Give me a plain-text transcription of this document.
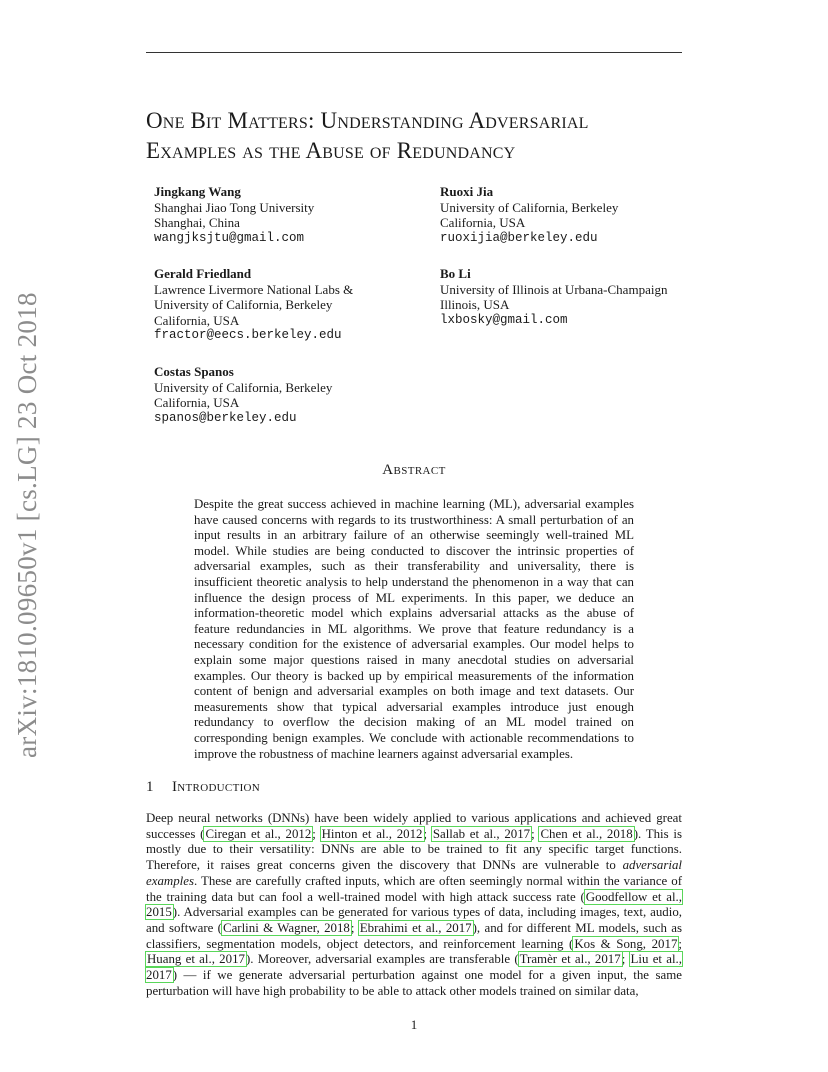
One Bit Matters: Understanding Adversarial
Examples as the Abuse of Redundancy
Jingkang Wang
Shanghai Jiao Tong University
Shanghai, China
wangjksjtu@gmail.com
Ruoxi Jia
University of California, Berkeley
California, USA
ruoxijia@berkeley.edu
Gerald Friedland
Lawrence Livermore National Labs &
University of California, Berkeley
California, USA
fractor@eecs.berkeley.edu
Bo Li
University of Illinois at Urbana-Champaign
Illinois, USA
lxbosky@gmail.com
Costas Spanos
University of California, Berkeley
California, USA
spanos@berkeley.edu
arXiv:1810.09650v1 [cs.LG] 23 Oct 2018	Abstract
Despite the great success achieved in machine learning (ML), adversarial examples have caused concerns with regards to its trustworthiness: A small perturbation of an input results in an arbitrary failure of an otherwise seemingly well-trained ML model. While studies are being conducted to discover the intrinsic properties of adversarial examples, such as their transferability and universality, there is insufficient theoretic analysis to help understand the phenomenon in a way that can influence the design process of ML experiments. In this paper, we deduce an information-theoretic model which explains adversarial attacks as the abuse of feature redundancies in ML algorithms. We prove that feature redundancy is a necessary condition for the existence of adversarial examples. Our model helps to explain some major questions raised in many anecdotal studies on adversarial examples. Our theory is backed up by empirical measurements of the information content of benign and adversarial examples on both image and text datasets. Our measurements show that typical adversarial examples introduce just enough redundancy to overflow the decision making of an ML model trained on corresponding benign examples. We conclude with actionable recommendations to improve the robustness of machine learners against adversarial examples.
1 Introduction
Deep neural networks (DNNs) have been widely applied to various applications and achieved great successes (Ciregan et al., 2012; Hinton et al., 2012; Sallab et al., 2017; Chen et al., 2018). This is mostly due to their versatility: DNNs are able to be trained to fit any specific target functions. Therefore, it raises great concerns given the discovery that DNNs are vulnerable to adversarial examples. These are carefully crafted inputs, which are often seemingly normal within the variance of the training data but can fool a well-trained model with high attack success rate (Goodfellow et al., 2015). Adversarial examples can be generated for various types of data, including images, text, audio, and software (Carlini & Wagner, 2018; Ebrahimi et al., 2017), and for different ML models, such as classifiers, segmentation models, object detectors, and reinforcement learning (Kos & Song, 2017; Huang et al., 2017). Moreover, adversarial examples are transferable (Tramèr et al., 2017; Liu et al., 2017) — if we generate adversarial perturbation against one model for a given input, the same perturbation will have high probability to be able to attack other models trained on similar data,
1
